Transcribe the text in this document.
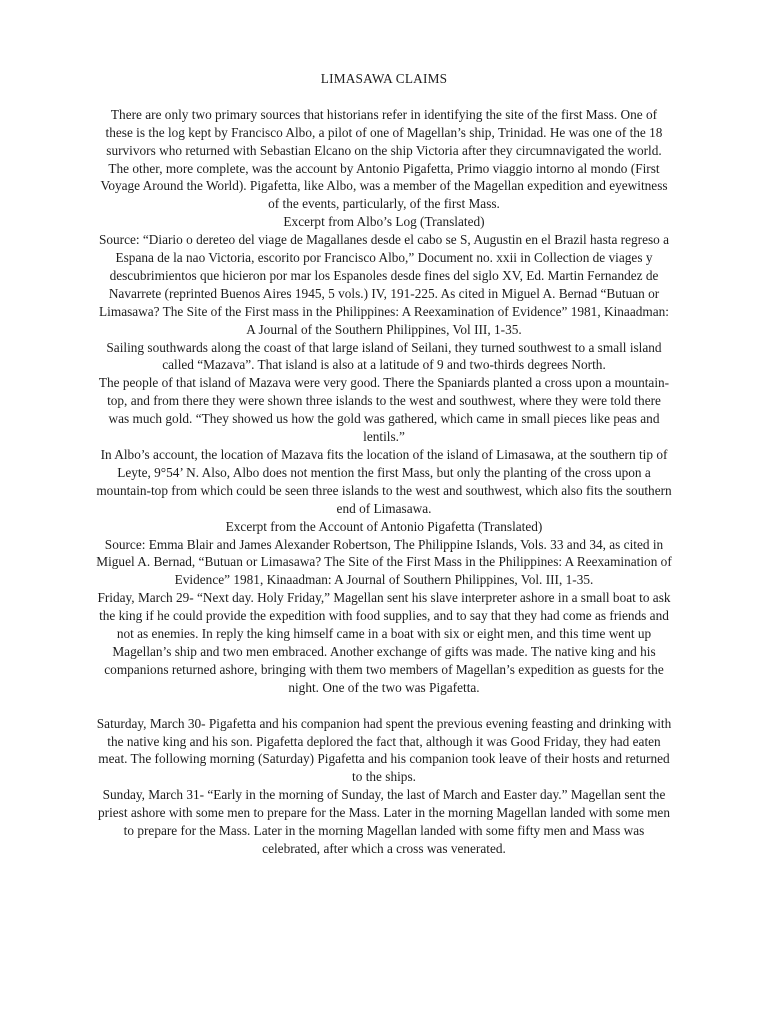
LIMASAWA CLAIMS

There are only two primary sources that historians refer in identifying the site of the first Mass. One of these is the log kept by Francisco Albo, a pilot of one of Magellan’s ship, Trinidad. He was one of the 18 survivors who returned with Sebastian Elcano on the ship Victoria after they circumnavigated the world. The other, more complete, was the account by Antonio Pigafetta, Primo viaggio intorno al mondo (First Voyage Around the World). Pigafetta, like Albo, was a member of the Magellan expedition and eyewitness of the events, particularly, of the first Mass.

Excerpt from Albo’s Log (Translated)

Source: “Diario o dereteo del viage de Magallanes desde el cabo se S, Augustin en el Brazil hasta regreso a Espana de la nao Victoria, escorito por Francisco Albo,” Document no. xxii in Collection de viages y descubrimientos que hicieron por mar los Espanoles desde fines del siglo XV, Ed. Martin Fernandez de Navarrete (reprinted Buenos Aires 1945, 5 vols.) IV, 191-225. As cited in Miguel A. Bernad “Butuan or Limasawa? The Site of the First mass in the Philippines: A Reexamination of Evidence” 1981, Kinaadman: A Journal of the Southern Philippines, Vol III, 1-35.

Sailing southwards along the coast of that large island of Seilani, they turned southwest to a small island called “Mazava”. That island is also at a latitude of 9 and two-thirds degrees North.

The people of that island of Mazava were very good. There the Spaniards planted a cross upon a mountain-top, and from there they were shown three islands to the west and southwest, where they were told there was much gold. “They showed us how the gold was gathered, which came in small pieces like peas and lentils.”

In Albo’s account, the location of Mazava fits the location of the island of Limasawa, at the southern tip of Leyte, 9°54’ N. Also, Albo does not mention the first Mass, but only the planting of the cross upon a mountain-top from which could be seen three islands to the west and southwest, which also fits the southern end of Limasawa.

Excerpt from the Account of Antonio Pigafetta (Translated)

Source: Emma Blair and James Alexander Robertson, The Philippine Islands, Vols. 33 and 34, as cited in Miguel A. Bernad, “Butuan or Limasawa? The Site of the First Mass in the Philippines: A Reexamination of Evidence” 1981, Kinaadman: A Journal of Southern Philippines, Vol. III, 1-35.

Friday, March 29- “Next day. Holy Friday,” Magellan sent his slave interpreter ashore in a small boat to ask the king if he could provide the expedition with food supplies, and to say that they had come as friends and not as enemies. In reply the king himself came in a boat with six or eight men, and this time went up Magellan’s ship and two men embraced. Another exchange of gifts was made. The native king and his companions returned ashore, bringing with them two members of Magellan’s expedition as guests for the night. One of the two was Pigafetta.

Saturday, March 30- Pigafetta and his companion had spent the previous evening feasting and drinking with the native king and his son. Pigafetta deplored the fact that, although it was Good Friday, they had eaten meat. The following morning (Saturday) Pigafetta and his companion took leave of their hosts and returned to the ships.

Sunday, March 31- “Early in the morning of Sunday, the last of March and Easter day.” Magellan sent the priest ashore with some men to prepare for the Mass. Later in the morning Magellan landed with some men to prepare for the Mass. Later in the morning Magellan landed with some fifty men and Mass was celebrated, after which a cross was venerated.
